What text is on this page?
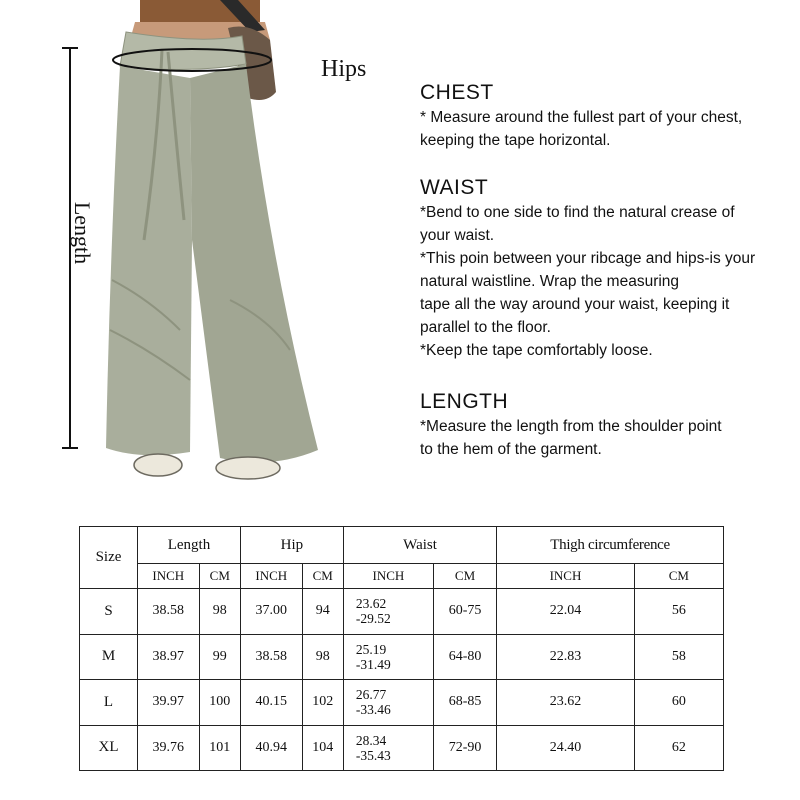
Hips
Length
CHEST

* Measure around the fullest part of your chest,

keeping the tape horizontal.

WAIST

*Bend to one side to find the natural crease of

your waist.

*This poin between your ribcage and hips-is your

natural waistline. Wrap the measuring

tape all the way around your waist, keeping it

parallel to the floor.

*Keep the tape comfortably loose.

LENGTH

*Measure the length from the shoulder point

to the hem of the garment.

Size	Length		Hip		Waist		Thigh circumference	
	INCH	CM	INCH	CM	INCH	CM	INCH	CM
S	38.58	98	37.00	94	23.62
-29.52	60-75	22.04	56
M	38.97	99	38.58	98	25.19
-31.49	64-80	22.83	58
L	39.97	100	40.15	102	26.77
-33.46	68-85	23.62	60
XL	39.76	101	40.94	104	28.34
-35.43	72-90	24.40	62
